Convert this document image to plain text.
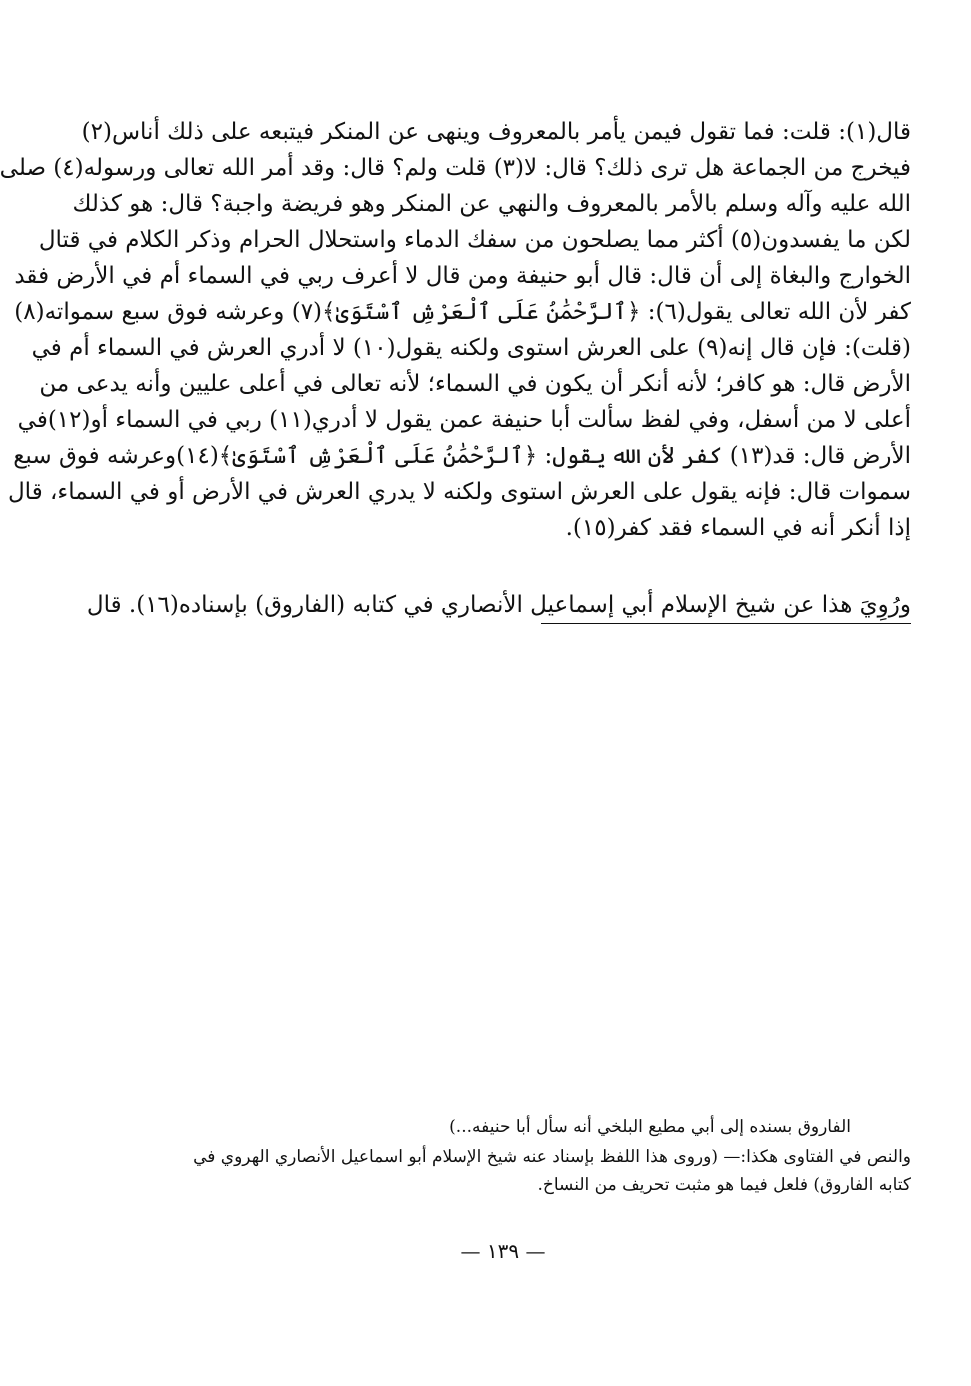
قال(١): قلت: فما تقول فيمن يأمر بالمعروف وينهى عن المنكر فيتبعه على ذلك أناس(٢)
فيخرج من الجماعة هل ترى ذلك؟ قال: لا(٣) قلت ولم؟ قال: وقد أمر الله تعالى ورسوله(٤) صلى
الله عليه وآله وسلم بالأمر بالمعروف والنهي عن المنكر وهو فريضة واجبة؟ قال: هو كذلك
لكن ما يفسدون(٥) أكثر مما يصلحون من سفك الدماء واستحلال الحرام وذكر الكلام في قتال
الخوارج والبغاة إلى أن قال: قال أبو حنيفة ومن قال لا أعرف ربي في السماء أم في الأرض فقد
كفر لأن الله تعالى يقول(٦): ﴿ٱلرَّحْمَٰنُ عَلَى ٱلْعَرْشِ ٱسْتَوَىٰ﴾(٧) وعرشه فوق سبع سمواته(٨)
(قلت): فإن قال إنه(٩) على العرش استوى ولكنه يقول(١٠) لا أدري العرش في السماء أم في
الأرض قال: هو كافر؛ لأنه أنكر أن يكون في السماء؛ لأنه تعالى في أعلى عليين وأنه يدعى من
أعلى لا من أسفل، وفي لفظ سألت أبا حنيفة عمن يقول لا أدري(١١) ربي في السماء أو(١٢)في
الأرض قال: قد(١٣) كفر لأن الله يقول: ﴿ٱلرَّحْمَٰنُ عَلَى ٱلْعَرْشِ ٱسْتَوَىٰ﴾(١٤)وعرشه فوق سبع
سموات قال: فإنه يقول على العرش استوى ولكنه لا يدري العرش في الأرض أو في السماء، قال
إذا أنكر أنه في السماء فقد كفر(١٥).
ورُوِيَ هذا عن شيخ الإسلام أبي إسماعيل الأنصاري في كتابه (الفاروق) بإسناده(١٦). قال
الفاروق بسنده إلى أبي مطيع البلخي أنه سأل أبا حنيفه...)
والنص في الفتاوى هكذا:— (وروى هذا اللفظ بإسناد عنه شيخ الإسلام أبو اسماعيل الأنصاري الهروي في
كتابه الفاروق) فلعل فيما هو مثبت تحريف من النساخ.
— ١٣٩ —
